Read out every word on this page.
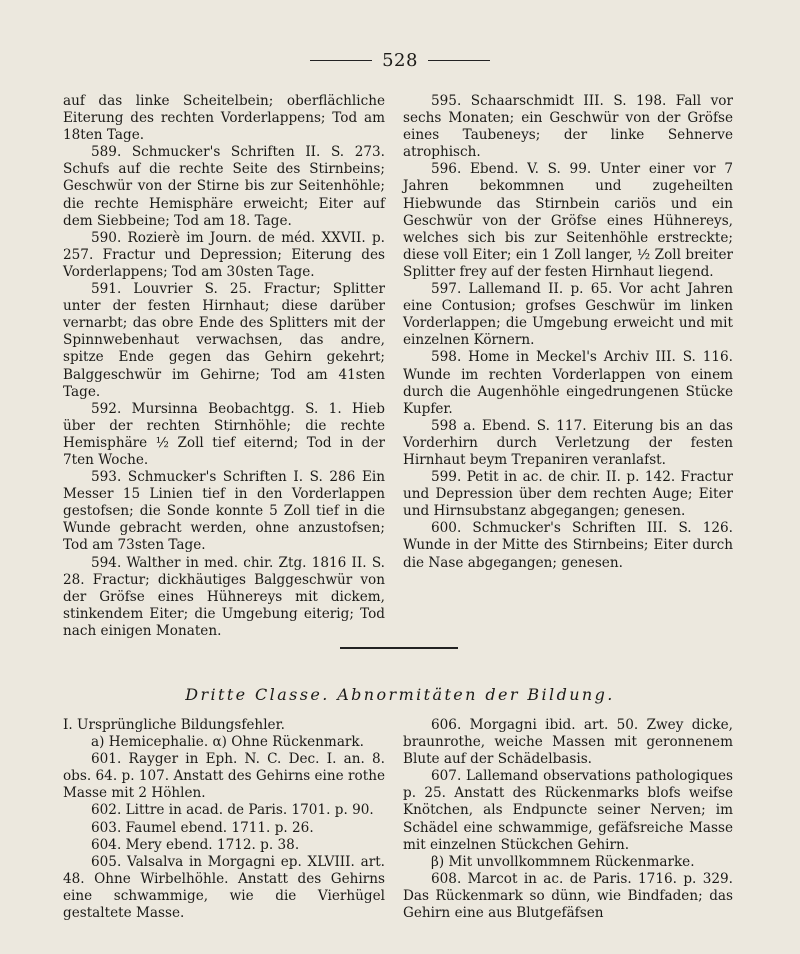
528

auf das linke Scheitelbein; oberflächliche Eiterung des rechten Vorderlappens; Tod am 18ten Tage.

589. Schmucker's Schriften II. S. 273. Schufs auf die rechte Seite des Stirnbeins; Geschwür von der Stirne bis zur Seitenhöhle; die rechte Hemisphäre erweicht; Eiter auf dem Siebbeine; Tod am 18. Tage.

590. Rozierè im Journ. de méd. XXVII. p. 257. Fractur und Depression; Eiterung des Vorderlappens; Tod am 30sten Tage.

591. Louvrier S. 25. Fractur; Splitter unter der festen Hirnhaut; diese darüber vernarbt; das obre Ende des Splitters mit der Spinnwebenhaut verwachsen, das andre, spitze Ende gegen das Gehirn gekehrt; Balggeschwür im Gehirne; Tod am 41sten Tage.

592. Mursinna Beobachtgg. S. 1. Hieb über der rechten Stirnhöhle; die rechte Hemisphäre ½ Zoll tief eiternd; Tod in der 7ten Woche.

593. Schmucker's Schriften I. S. 286 Ein Messer 15 Linien tief in den Vorderlappen gestofsen; die Sonde konnte 5 Zoll tief in die Wunde gebracht werden, ohne anzustofsen; Tod am 73sten Tage.

594. Walther in med. chir. Ztg. 1816 II. S. 28. Fractur; dickhäutiges Balggeschwür von der Gröfse eines Hühnereys mit dickem, stinkendem Eiter; die Umgebung eiterig; Tod nach einigen Monaten.

595. Schaarschmidt III. S. 198. Fall vor sechs Monaten; ein Geschwür von der Gröfse eines Taubeneys; der linke Sehnerve atrophisch.

596. Ebend. V. S. 99. Unter einer vor 7 Jahren bekommnen und zugeheilten Hiebwunde das Stirnbein cariös und ein Geschwür von der Gröfse eines Hühnereys, welches sich bis zur Seitenhöhle erstreckte; diese voll Eiter; ein 1 Zoll langer, ½ Zoll breiter Splitter frey auf der festen Hirnhaut liegend.

597. Lallemand II. p. 65. Vor acht Jahren eine Contusion; grofses Geschwür im linken Vorderlappen; die Umgebung erweicht und mit einzelnen Körnern.

598. Home in Meckel's Archiv III. S. 116. Wunde im rechten Vorderlappen von einem durch die Augenhöhle eingedrungenen Stücke Kupfer.

598 a. Ebend. S. 117. Eiterung bis an das Vorderhirn durch Verletzung der festen Hirnhaut beym Trepaniren veranlafst.

599. Petit in ac. de chir. II. p. 142. Fractur und Depression über dem rechten Auge; Eiter und Hirnsubstanz abgegangen; genesen.

600. Schmucker's Schriften III. S. 126. Wunde in der Mitte des Stirnbeins; Eiter durch die Nase abgegangen; genesen.

Dritte Classe. Abnormitäten der Bildung.

I. Ursprüngliche Bildungsfehler.

a) Hemicephalie. α) Ohne Rückenmark.

601. Rayger in Eph. N. C. Dec. I. an. 8. obs. 64. p. 107. Anstatt des Gehirns eine rothe Masse mit 2 Höhlen.

602. Littre in acad. de Paris. 1701. p. 90.

603. Faumel ebend. 1711. p. 26.

604. Mery ebend. 1712. p. 38.

605. Valsalva in Morgagni ep. XLVIII. art. 48. Ohne Wirbelhöhle. Anstatt des Gehirns eine schwammige, wie die Vierhügel gestaltete Masse.

606. Morgagni ibid. art. 50. Zwey dicke, braunrothe, weiche Massen mit geronnenem Blute auf der Schädelbasis.

607. Lallemand observations pathologiques p. 25. Anstatt des Rückenmarks blofs weifse Knötchen, als Endpuncte seiner Nerven; im Schädel eine schwammige, gefäfsreiche Masse mit einzelnen Stückchen Gehirn.

β) Mit unvollkommnem Rückenmarke.

608. Marcot in ac. de Paris. 1716. p. 329. Das Rückenmark so dünn, wie Bindfaden; das Gehirn eine aus Blutgefäfsen
